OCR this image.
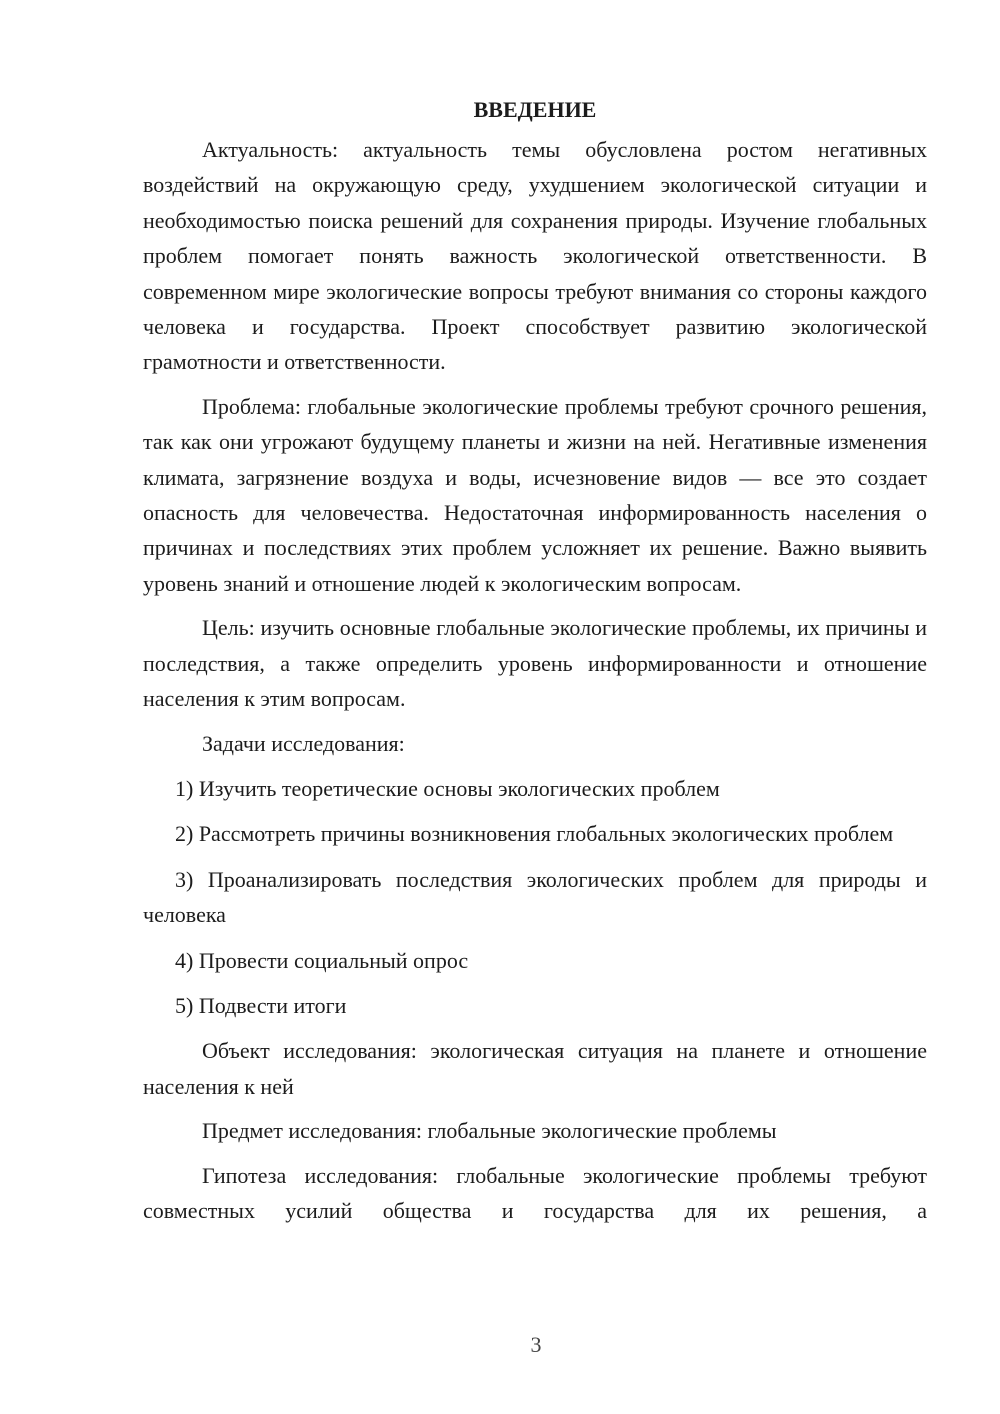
ВВЕДЕНИЕ

Актуальность: актуальность темы обусловлена ростом негативных воздействий на окружающую среду, ухудшением экологической ситуации и необходимостью поиска решений для сохранения природы. Изучение глобальных проблем помогает понять важность экологической ответственности. В современном мире экологические вопросы требуют внимания со стороны каждого человека и государства. Проект способствует развитию экологической грамотности и ответственности.

Проблема: глобальные экологические проблемы требуют срочного решения, так как они угрожают будущему планеты и жизни на ней. Негативные изменения климата, загрязнение воздуха и воды, исчезновение видов — все это создает опасность для человечества. Недостаточная информированность населения о причинах и последствиях этих проблем усложняет их решение. Важно выявить уровень знаний и отношение людей к экологическим вопросам.

Цель: изучить основные глобальные экологические проблемы, их причины и последствия, а также определить уровень информированности и отношение населения к этим вопросам.

Задачи исследования:

1) Изучить теоретические основы экологических проблем
2) Рассмотреть причины возникновения глобальных экологических проблем
3) Проанализировать последствия экологических проблем для природы и человека
4) Провести социальный опрос
5) Подвести итоги

Объект исследования: экологическая ситуация на планете и отношение населения к ней

Предмет исследования: глобальные экологические проблемы

Гипотеза исследования: глобальные экологические проблемы требуют совместных усилий общества и государства для их решения, а

3
